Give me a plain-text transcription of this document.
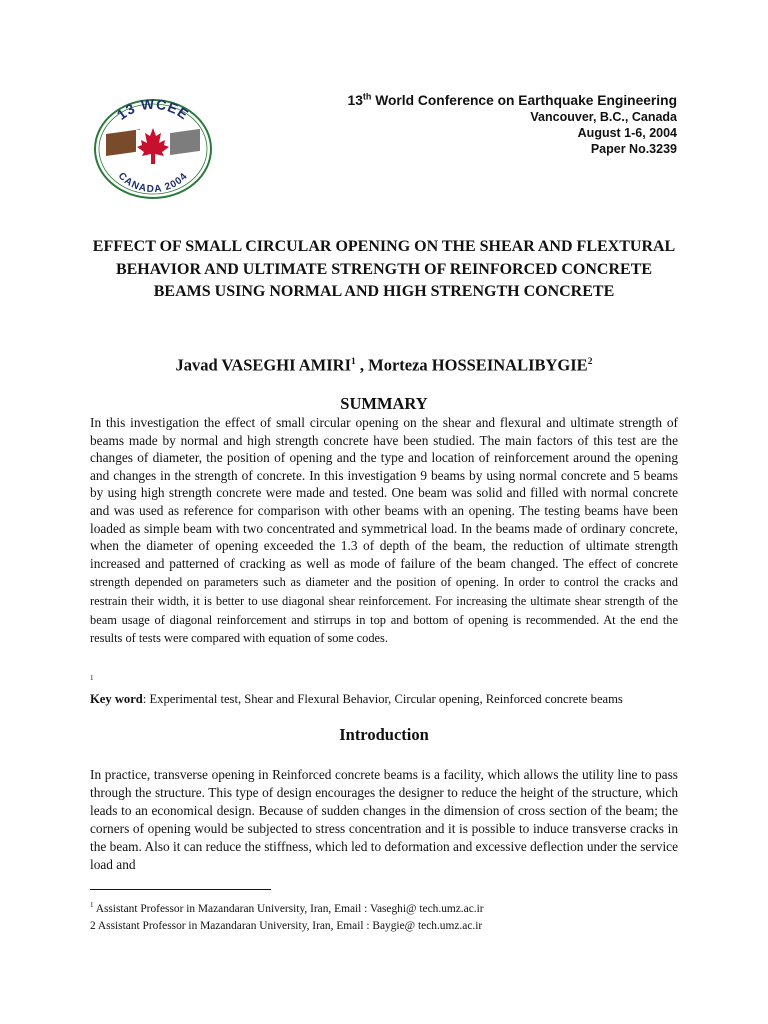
13 WCEE
CANADA 2004
13th World Conference on Earthquake Engineering
Vancouver, B.C., Canada
August 1-6, 2004
Paper No.3239
EFFECT OF SMALL CIRCULAR OPENING ON THE SHEAR AND FLEXTURAL BEHAVIOR AND ULTIMATE STRENGTH OF REINFORCED CONCRETE BEAMS USING NORMAL AND HIGH STRENGTH CONCRETE
Javad VASEGHI AMIRI$^1$ , Morteza HOSSEINALIBYGIE$^2$
SUMMARY

In this investigation the effect of small circular opening on the shear and flexural and ultimate strength of beams made by normal and high strength concrete have been studied. The main factors of this test are the changes of diameter, the position of opening and the type and location of reinforcement around the opening and changes in the strength of concrete. In this investigation 9 beams by using normal concrete and 5 beams by using high strength concrete were made and tested. One beam was solid and filled with normal concrete and was used as reference for comparison with other beams with an opening. The testing beams have been loaded as simple beam with two concentrated and symmetrical load. In the beams made of ordinary concrete, when the diameter of opening exceeded the 1.3 of depth of the beam, the reduction of ultimate strength increased and patterned of cracking as well as mode of failure of the beam changed. The effect of concrete strength depended on parameters such as diameter and the position of opening. In order to control the cracks and restrain their width, it is better to use diagonal shear reinforcement. For increasing the ultimate shear strength of the beam usage of diagonal reinforcement and stirrups in top and bottom of opening is recommended. At the end the results of tests were compared with equation of some codes.

1
Key word: Experimental test, Shear and Flexural Behavior, Circular opening, Reinforced concrete beams
Introduction

In practice, transverse opening in Reinforced concrete beams is a facility, which allows the utility line to pass through the structure. This type of design encourages the designer to reduce the height of the structure, which leads to an economical design. Because of sudden changes in the dimension of cross section of the beam; the corners of opening would be subjected to stress concentration and it is possible to induce transverse cracks in the beam. Also it can reduce the stiffness, which led to deformation and excessive deflection under the service load and

$^1$ Assistant Professor in Mazandaran University, Iran, Email : Vaseghi@ tech.umz.ac.ir
2 Assistant Professor in Mazandaran University, Iran, Email : Baygie@ tech.umz.ac.ir
